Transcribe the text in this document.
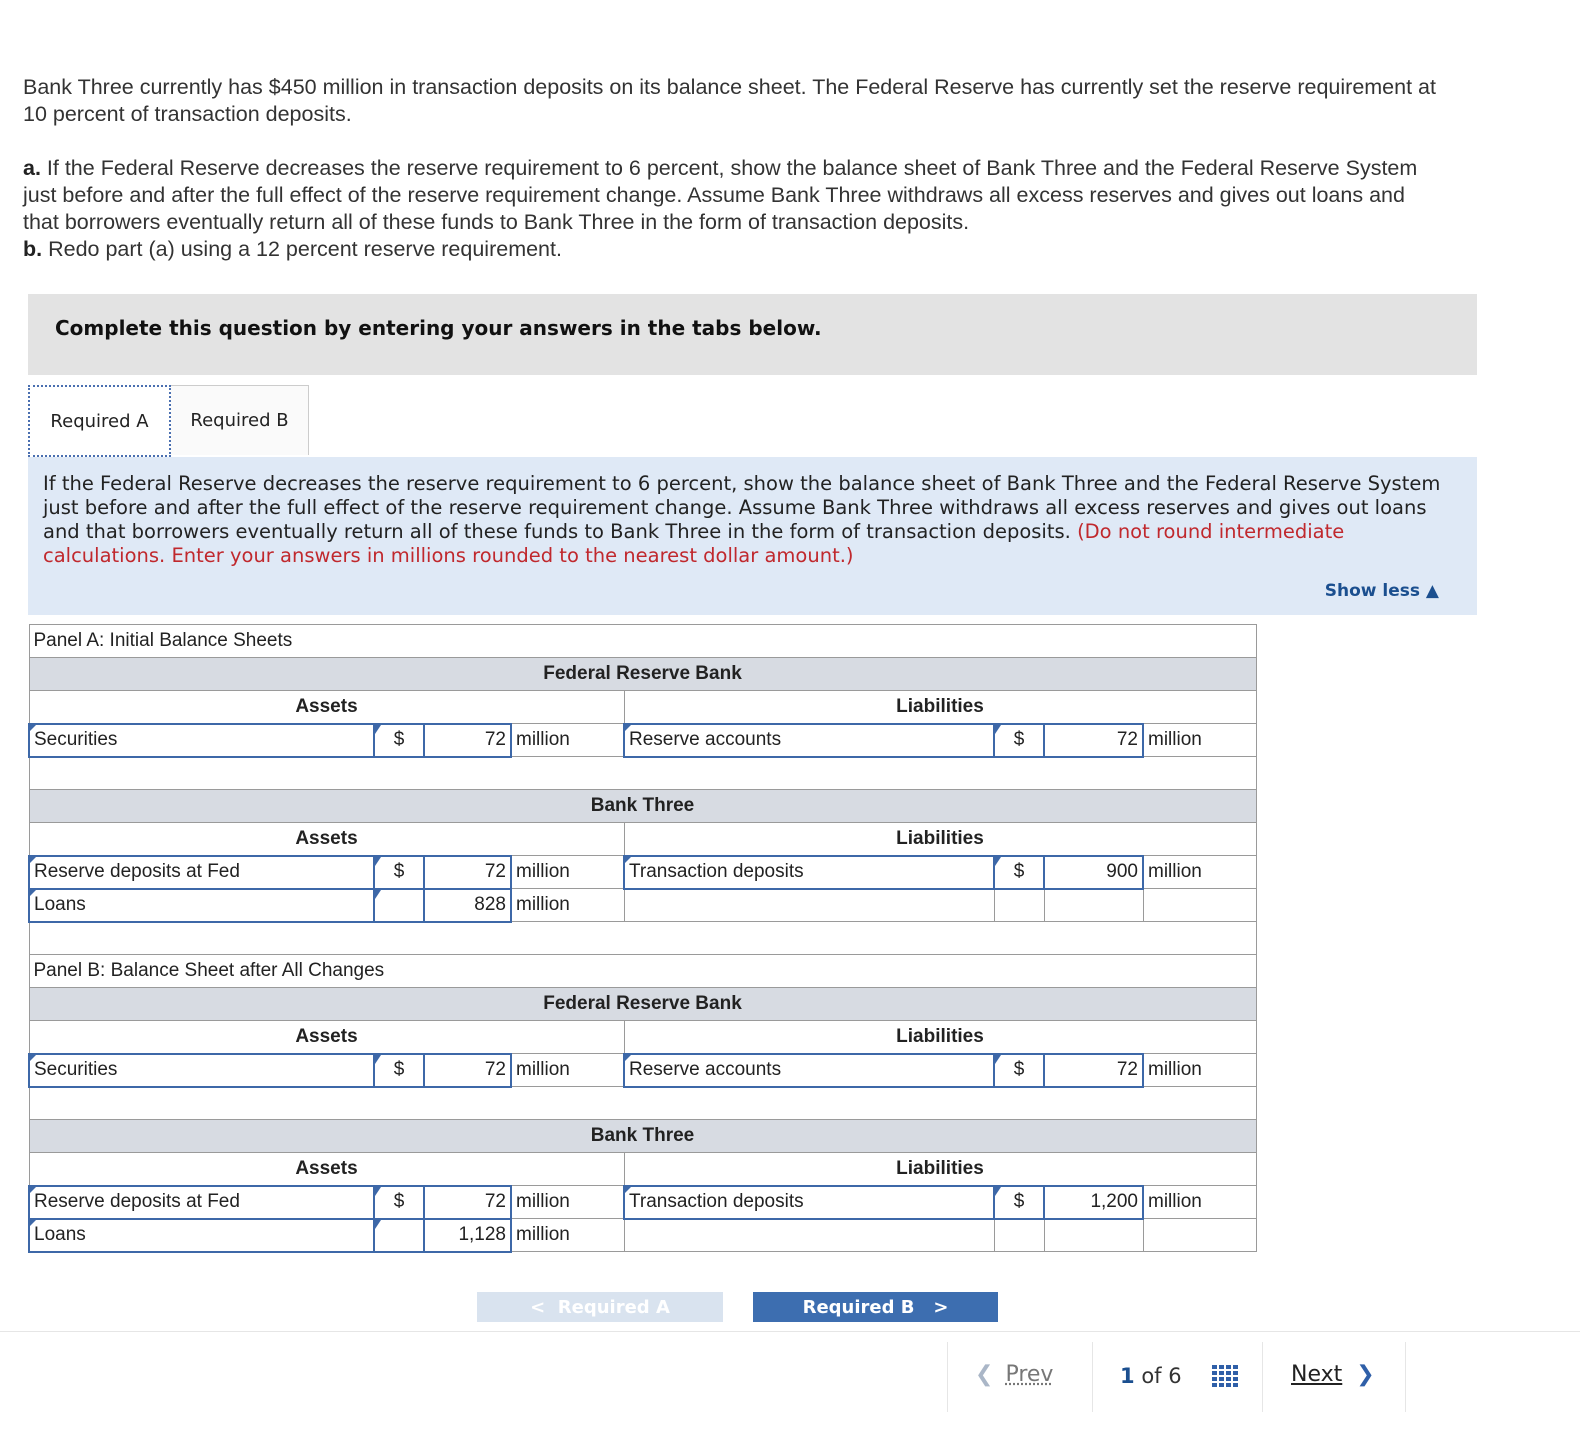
Bank Three currently has $450 million in transaction deposits on its balance sheet. The Federal Reserve has currently set the reserve requirement at 10 percent of transaction deposits.

a. If the Federal Reserve decreases the reserve requirement to 6 percent, show the balance sheet of Bank Three and the Federal Reserve System just before and after the full effect of the reserve requirement change. Assume Bank Three withdraws all excess reserves and gives out loans and that borrowers eventually return all of these funds to Bank Three in the form of transaction deposits.

b. Redo part (a) using a 12 percent reserve requirement.

Complete this question by entering your answers in the tabs below.
Required A	Required B
If the Federal Reserve decreases the reserve requirement to 6 percent, show the balance sheet of Bank Three and the Federal Reserve System just before and after the full effect of the reserve requirement change. Assume Bank Three withdraws all excess reserves and gives out loans and that borrowers eventually return all of these funds to Bank Three in the form of transaction deposits. (Do not round intermediate calculations. Enter your answers in millions rounded to the nearest dollar amount.)
Show less ▲
Panel A: Initial Balance Sheets							
Federal Reserve Bank							
Assets				Liabilities			
Securities	$	72	million	Reserve accounts	$	72	million

Bank Three							
Assets				Liabilities			
Reserve deposits at Fed	$	72	million	Transaction deposits	$	900	million
Loans		828	million				

Panel B: Balance Sheet after All Changes							
Federal Reserve Bank							
Assets				Liabilities			
Securities	$	72	million	Reserve accounts	$	72	million

Bank Three							
Assets				Liabilities			
Reserve deposits at Fed	$	72	million	Transaction deposits	$	1,200	million
Loans		1,128	million				
< Required A	Required B >
❮ Prev	1 of 6	Next ❯
